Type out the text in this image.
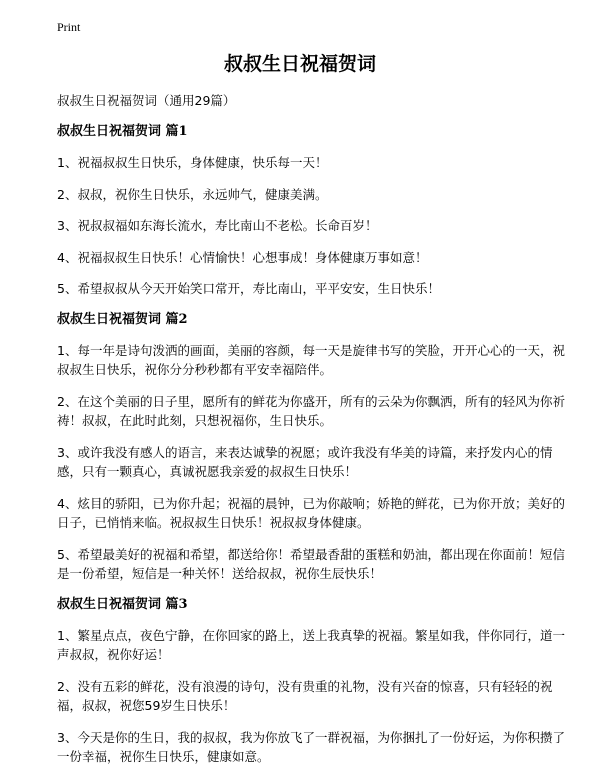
Print
叔叔生日祝福贺词
叔叔生日祝福贺词（通用29篇）
叔叔生日祝福贺词 篇1

1、祝福叔叔生日快乐，身体健康，快乐每一天！

2、叔叔，祝你生日快乐，永远帅气，健康美满。

3、祝叔叔福如东海长流水，寿比南山不老松。长命百岁！

4、祝福叔叔生日快乐！心情愉快！心想事成！身体健康万事如意！

5、希望叔叔从今天开始笑口常开，寿比南山，平平安安，生日快乐！

叔叔生日祝福贺词 篇2

1、每一年是诗句泼洒的画面，美丽的容颜，每一天是旋律书写的笑脸，开开心心的一天，祝叔叔生日快乐，祝你分分秒秒都有平安幸福陪伴。

2、在这个美丽的日子里，愿所有的鲜花为你盛开，所有的云朵为你飘洒，所有的轻风为你祈祷！叔叔，在此时此刻，只想祝福你，生日快乐。

3、或许我没有感人的语言，来表达诚挚的祝愿；或许我没有华美的诗篇，来抒发内心的情感，只有一颗真心，真诚祝愿我亲爱的叔叔生日快乐！

4、炫目的骄阳，已为你升起；祝福的晨钟，已为你敲响；娇艳的鲜花，已为你开放；美好的日子，已悄悄来临。祝叔叔生日快乐！祝叔叔身体健康。

5、希望最美好的祝福和希望，都送给你！希望最香甜的蛋糕和奶油，都出现在你面前！短信是一份希望，短信是一种关怀！送给叔叔，祝你生辰快乐！

叔叔生日祝福贺词 篇3

1、繁星点点，夜色宁静，在你回家的路上，送上我真挚的祝福。繁星如我，伴你同行，道一声叔叔，祝你好运！

2、没有五彩的鲜花，没有浪漫的诗句，没有贵重的礼物，没有兴奋的惊喜，只有轻轻的祝福，叔叔，祝您59岁生日快乐！

3、今天是你的生日，我的叔叔，我为你放飞了一群祝福，为你捆扎了一份好运，为你积攒了一份幸福，祝你生日快乐，健康如意。
